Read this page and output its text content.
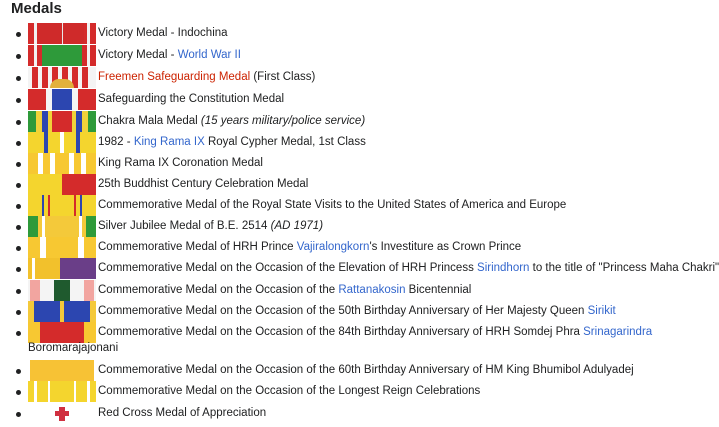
Medals
Victory Medal - Indochina
Victory Medal - World War II
Freemen Safeguarding Medal (First Class)
Safeguarding the Constitution Medal
Chakra Mala Medal (15 years military/police service)
1982 - King Rama IX Royal Cypher Medal, 1st Class
King Rama IX Coronation Medal
25th Buddhist Century Celebration Medal
Commemorative Medal of the Royal State Visits to the United States of America and Europe
Silver Jubilee Medal of B.E. 2514 (AD 1971)
Commemorative Medal of HRH Prince Vajiralongkorn's Investiture as Crown Prince
Commemorative Medal on the Occasion of the Elevation of HRH Princess Sirindhorn to the title of "Princess Maha Chakri"
Commemorative Medal on the Occasion of the Rattanakosin Bicentennial
Commemorative Medal on the Occasion of the 50th Birthday Anniversary of Her Majesty Queen Sirikit
Commemorative Medal on the Occasion of the 84th Birthday Anniversary of HRH Somdej Phra Srinagarindra
Boromarajajonani
Commemorative Medal on the Occasion of the 60th Birthday Anniversary of HM King Bhumibol Adulyadej
Commemorative Medal on the Occasion of the Longest Reign Celebrations
Red Cross Medal of Appreciation
